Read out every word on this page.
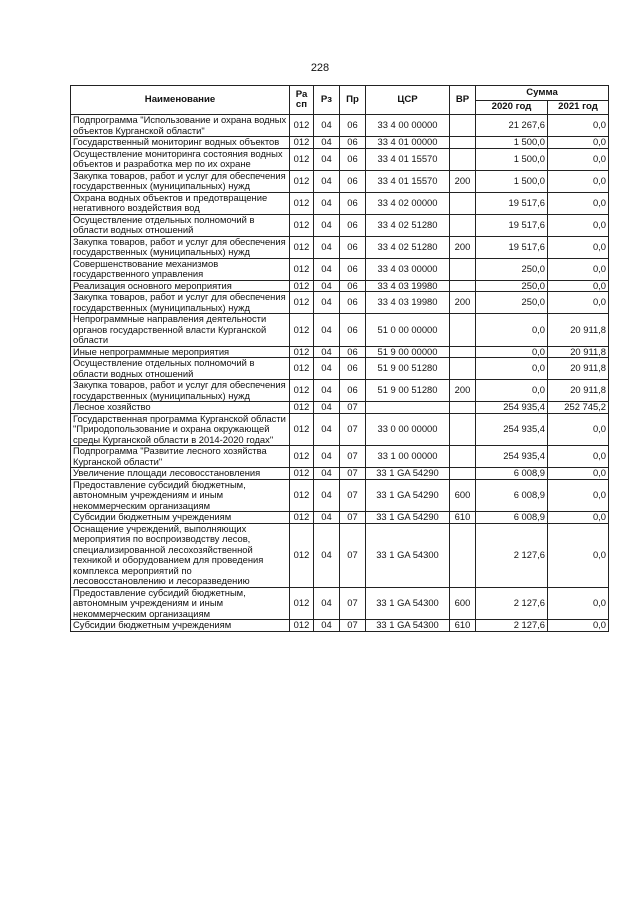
228
Наименование	Ра сп	Рз	Пр	ЦСР	ВР	Сумма	
						2020 год	2021 год
Подпрограмма "Использование и охрана водных объектов Курганской области"	012	04	06	33 4 00 00000		21 267,6	0,0
Государственный мониторинг водных объектов	012	04	06	33 4 01 00000		1 500,0	0,0
Осуществление мониторинга состояния водных объектов и разработка мер по их охране	012	04	06	33 4 01 15570		1 500,0	0,0
Закупка товаров, работ и услуг для обеспечения государственных (муниципальных) нужд	012	04	06	33 4 01 15570	200	1 500,0	0,0
Охрана водных объектов и предотвращение негативного воздействия вод	012	04	06	33 4 02 00000		19 517,6	0,0
Осуществление отдельных полномочий в области водных отношений	012	04	06	33 4 02 51280		19 517,6	0,0
Закупка товаров, работ и услуг для обеспечения государственных (муниципальных) нужд	012	04	06	33 4 02 51280	200	19 517,6	0,0
Совершенствование механизмов государственного управления	012	04	06	33 4 03 00000		250,0	0,0
Реализация основного мероприятия	012	04	06	33 4 03 19980		250,0	0,0
Закупка товаров, работ и услуг для обеспечения государственных (муниципальных) нужд	012	04	06	33 4 03 19980	200	250,0	0,0
Непрограммные направления деятельности органов государственной власти Курганской области	012	04	06	51 0 00 00000		0,0	20 911,8
Иные непрограммные мероприятия	012	04	06	51 9 00 00000		0,0	20 911,8
Осуществление отдельных полномочий в области водных отношений	012	04	06	51 9 00 51280		0,0	20 911,8
Закупка товаров, работ и услуг для обеспечения государственных (муниципальных) нужд	012	04	06	51 9 00 51280	200	0,0	20 911,8
Лесное хозяйство	012	04	07			254 935,4	252 745,2
Государственная программа Курганской области "Природопользование и охрана окружающей среды Курганской области в 2014-2020 годах"	012	04	07	33 0 00 00000		254 935,4	0,0
Подпрограмма "Развитие лесного хозяйства Курганской области"	012	04	07	33 1 00 00000		254 935,4	0,0
Увеличение площади лесовосстановления	012	04	07	33 1 GA 54290		6 008,9	0,0
Предоставление субсидий бюджетным, автономным учреждениям и иным некоммерческим организациям	012	04	07	33 1 GA 54290	600	6 008,9	0,0
Субсидии бюджетным учреждениям	012	04	07	33 1 GA 54290	610	6 008,9	0,0
Оснащение учреждений, выполняющих мероприятия по воспроизводству лесов, специализированной лесохозяйственной техникой и оборудованием для проведения комплекса мероприятий по лесовосстановлению и лесоразведению	012	04	07	33 1 GA 54300		2 127,6	0,0
Предоставление субсидий бюджетным, автономным учреждениям и иным некоммерческим организациям	012	04	07	33 1 GA 54300	600	2 127,6	0,0
Субсидии бюджетным учреждениям	012	04	07	33 1 GA 54300	610	2 127,6	0,0
